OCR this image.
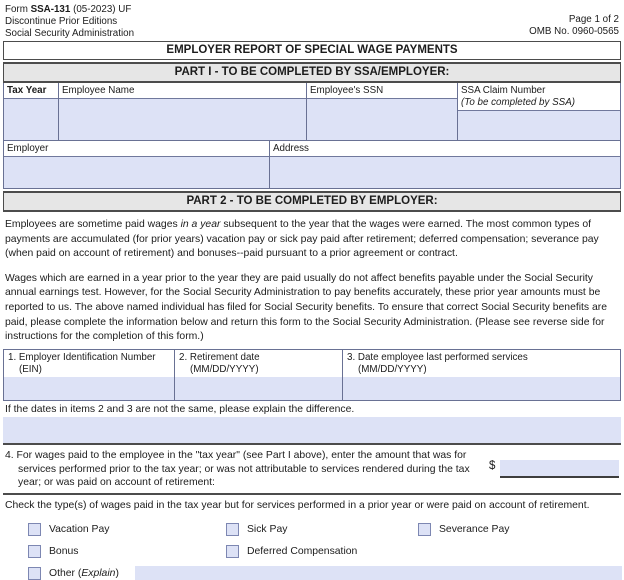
Form SSA-131 (05-2023) UF
Discontinue Prior Editions
Social Security Administration
Page 1 of 2
OMB No. 0960-0565
EMPLOYER REPORT OF SPECIAL WAGE PAYMENTS
PART I - TO BE COMPLETED BY SSA/EMPLOYER:
Tax Year	Employee Name	Employee's SSN	SSA Claim Number
(To be completed by SSA)
Employer	Address
PART 2 - TO BE COMPLETED BY EMPLOYER:
Employees are sometime paid wages in a year subsequent to the year that the wages were earned. The most common types of payments are accumulated (for prior years) vacation pay or sick pay paid after retirement; deferred compensation; severance pay (when paid on account of retirement) and bonuses--paid pursuant to a prior agreement or contract.
Wages which are earned in a year prior to the year they are paid usually do not affect benefits payable under the Social Security annual earnings test. However, for the Social Security Administration to pay benefits accurately, these prior year amounts must be reported to us. The above named individual has filed for Social Security benefits. To ensure that correct Social Security benefits are paid, please complete the information below and return this form to the Social Security Administration. (Please see reverse side for instructions for the completion of this form.)
1. Employer Identification Number
(EIN)
2. Retirement date
(MM/DD/YYYY)
3. Date employee last performed services
(MM/DD/YYYY)
If the dates in items 2 and 3 are not the same, please explain the difference.
4. For wages paid to the employee in the "tax year" (see Part I above), enter the amount that was for services performed prior to the tax year; or was not attributable to services rendered during the tax year; or was paid on account of retirement:
$
Check the type(s) of wages paid in the tax year but for services performed in a prior year or were paid on account of retirement.
Vacation Pay	Sick Pay	Severance Pay
Bonus	Deferred Compensation
Other (Explain)
